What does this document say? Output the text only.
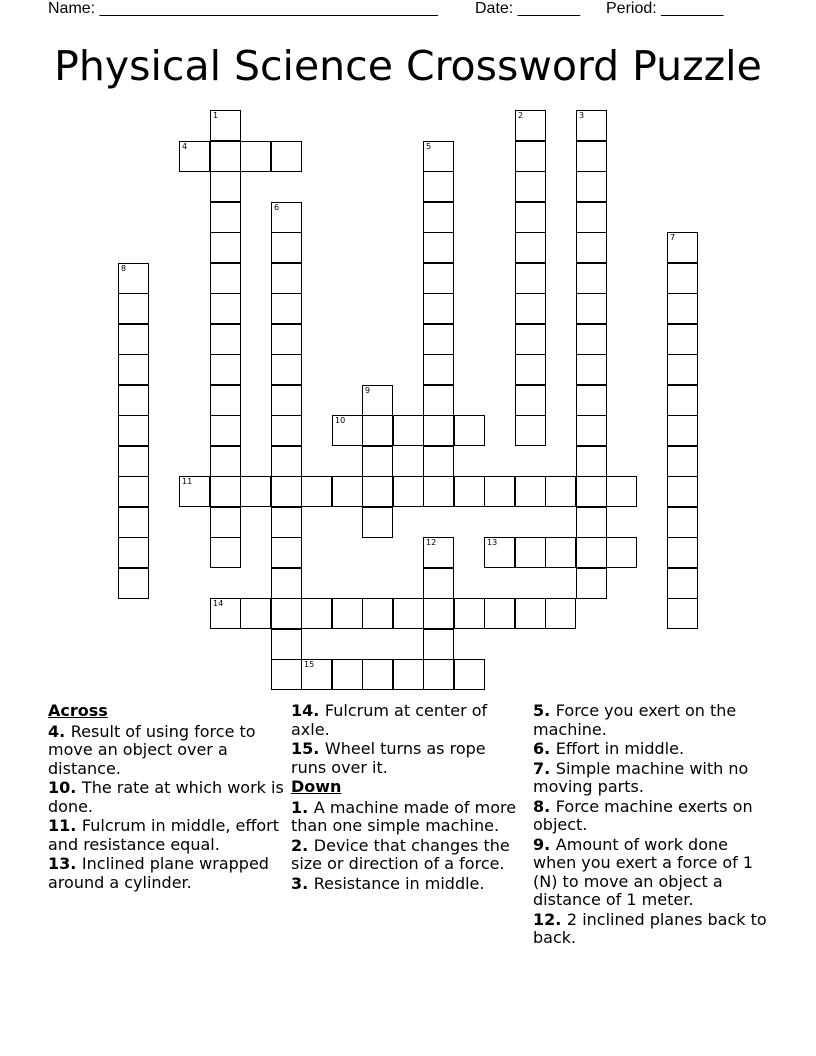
Name: ______________________________________ Date: _______ Period: _______
Physical Science Crossword Puzzle
1	2	3
4	5
6
7
8
9
10
11
12	13
14
15
Across
4. Result of using force to move an object over a distance.
10. The rate at which work is done.
11. Fulcrum in middle, effort and resistance equal.
13. Inclined plane wrapped around a cylinder.
14. Fulcrum at center of axle.
15. Wheel turns as rope runs over it.
Down
1. A machine made of more than one simple machine.
2. Device that changes the size or direction of a force.
3. Resistance in middle.
5. Force you exert on the machine.
6. Effort in middle.
7. Simple machine with no moving parts.
8. Force machine exerts on object.
9. Amount of work done when you exert a force of 1 (N) to move an object a distance of 1 meter.
12. 2 inclined planes back to back.
